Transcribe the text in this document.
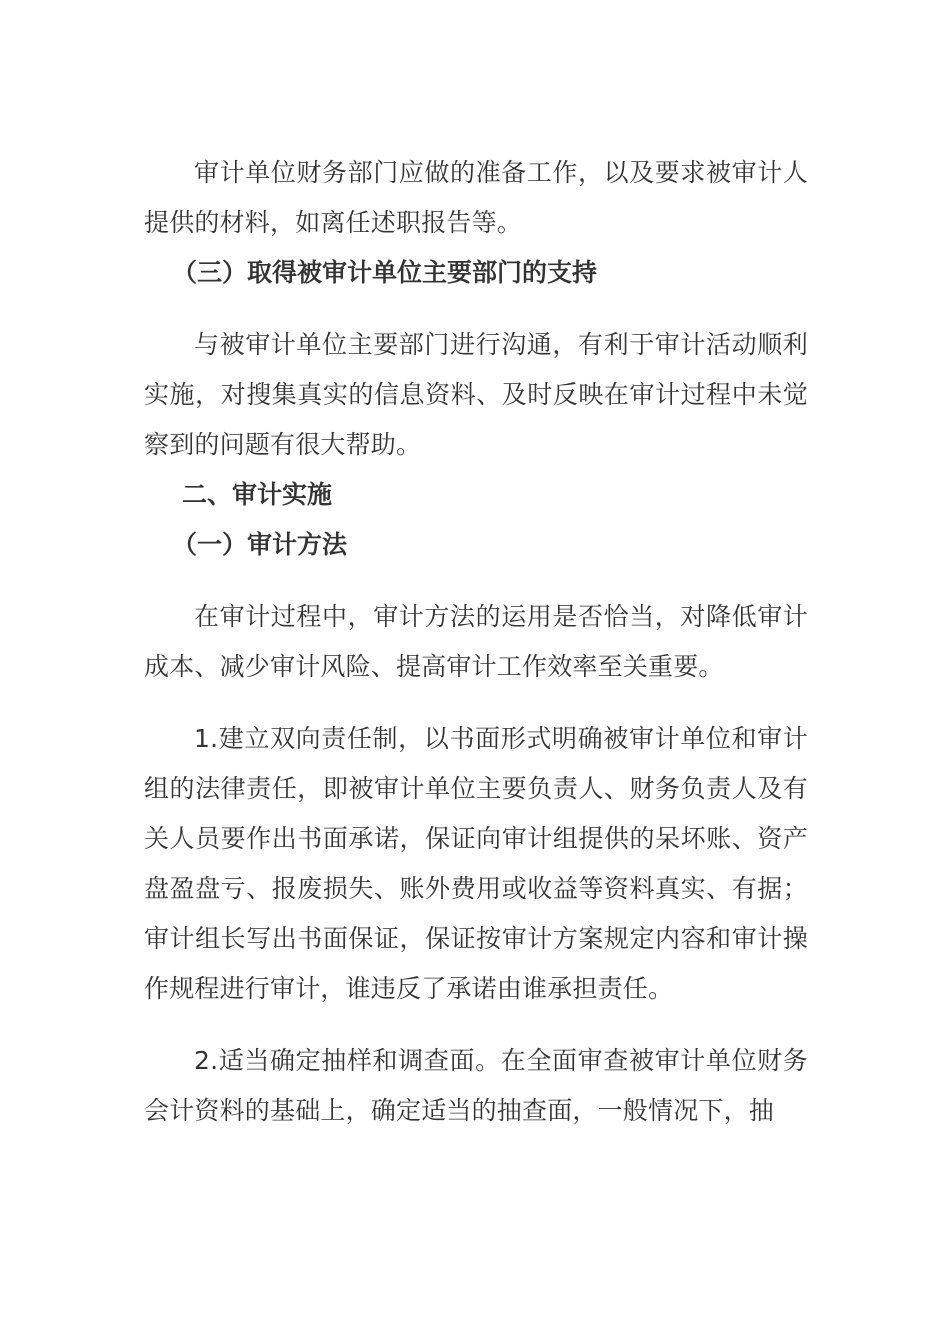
审计单位财务部门应做的准备工作，以及要求被审计人提供的材料，如离任述职报告等。

（三）取得被审计单位主要部门的支持

与被审计单位主要部门进行沟通，有利于审计活动顺利实施，对搜集真实的信息资料、及时反映在审计过程中未觉察到的问题有很大帮助。

二、审计实施

（一）审计方法

在审计过程中，审计方法的运用是否恰当，对降低审计成本、减少审计风险、提高审计工作效率至关重要。

1.建立双向责任制，以书面形式明确被审计单位和审计组的法律责任，即被审计单位主要负责人、财务负责人及有关人员要作出书面承诺，保证向审计组提供的呆坏账、资产盘盈盘亏、报废损失、账外费用或收益等资料真实、有据；审计组长写出书面保证，保证按审计方案规定内容和审计操作规程进行审计，谁违反了承诺由谁承担责任。

2.适当确定抽样和调查面。在全面审查被审计单位财务会计资料的基础上，确定适当的抽查面，一般情况下，抽
